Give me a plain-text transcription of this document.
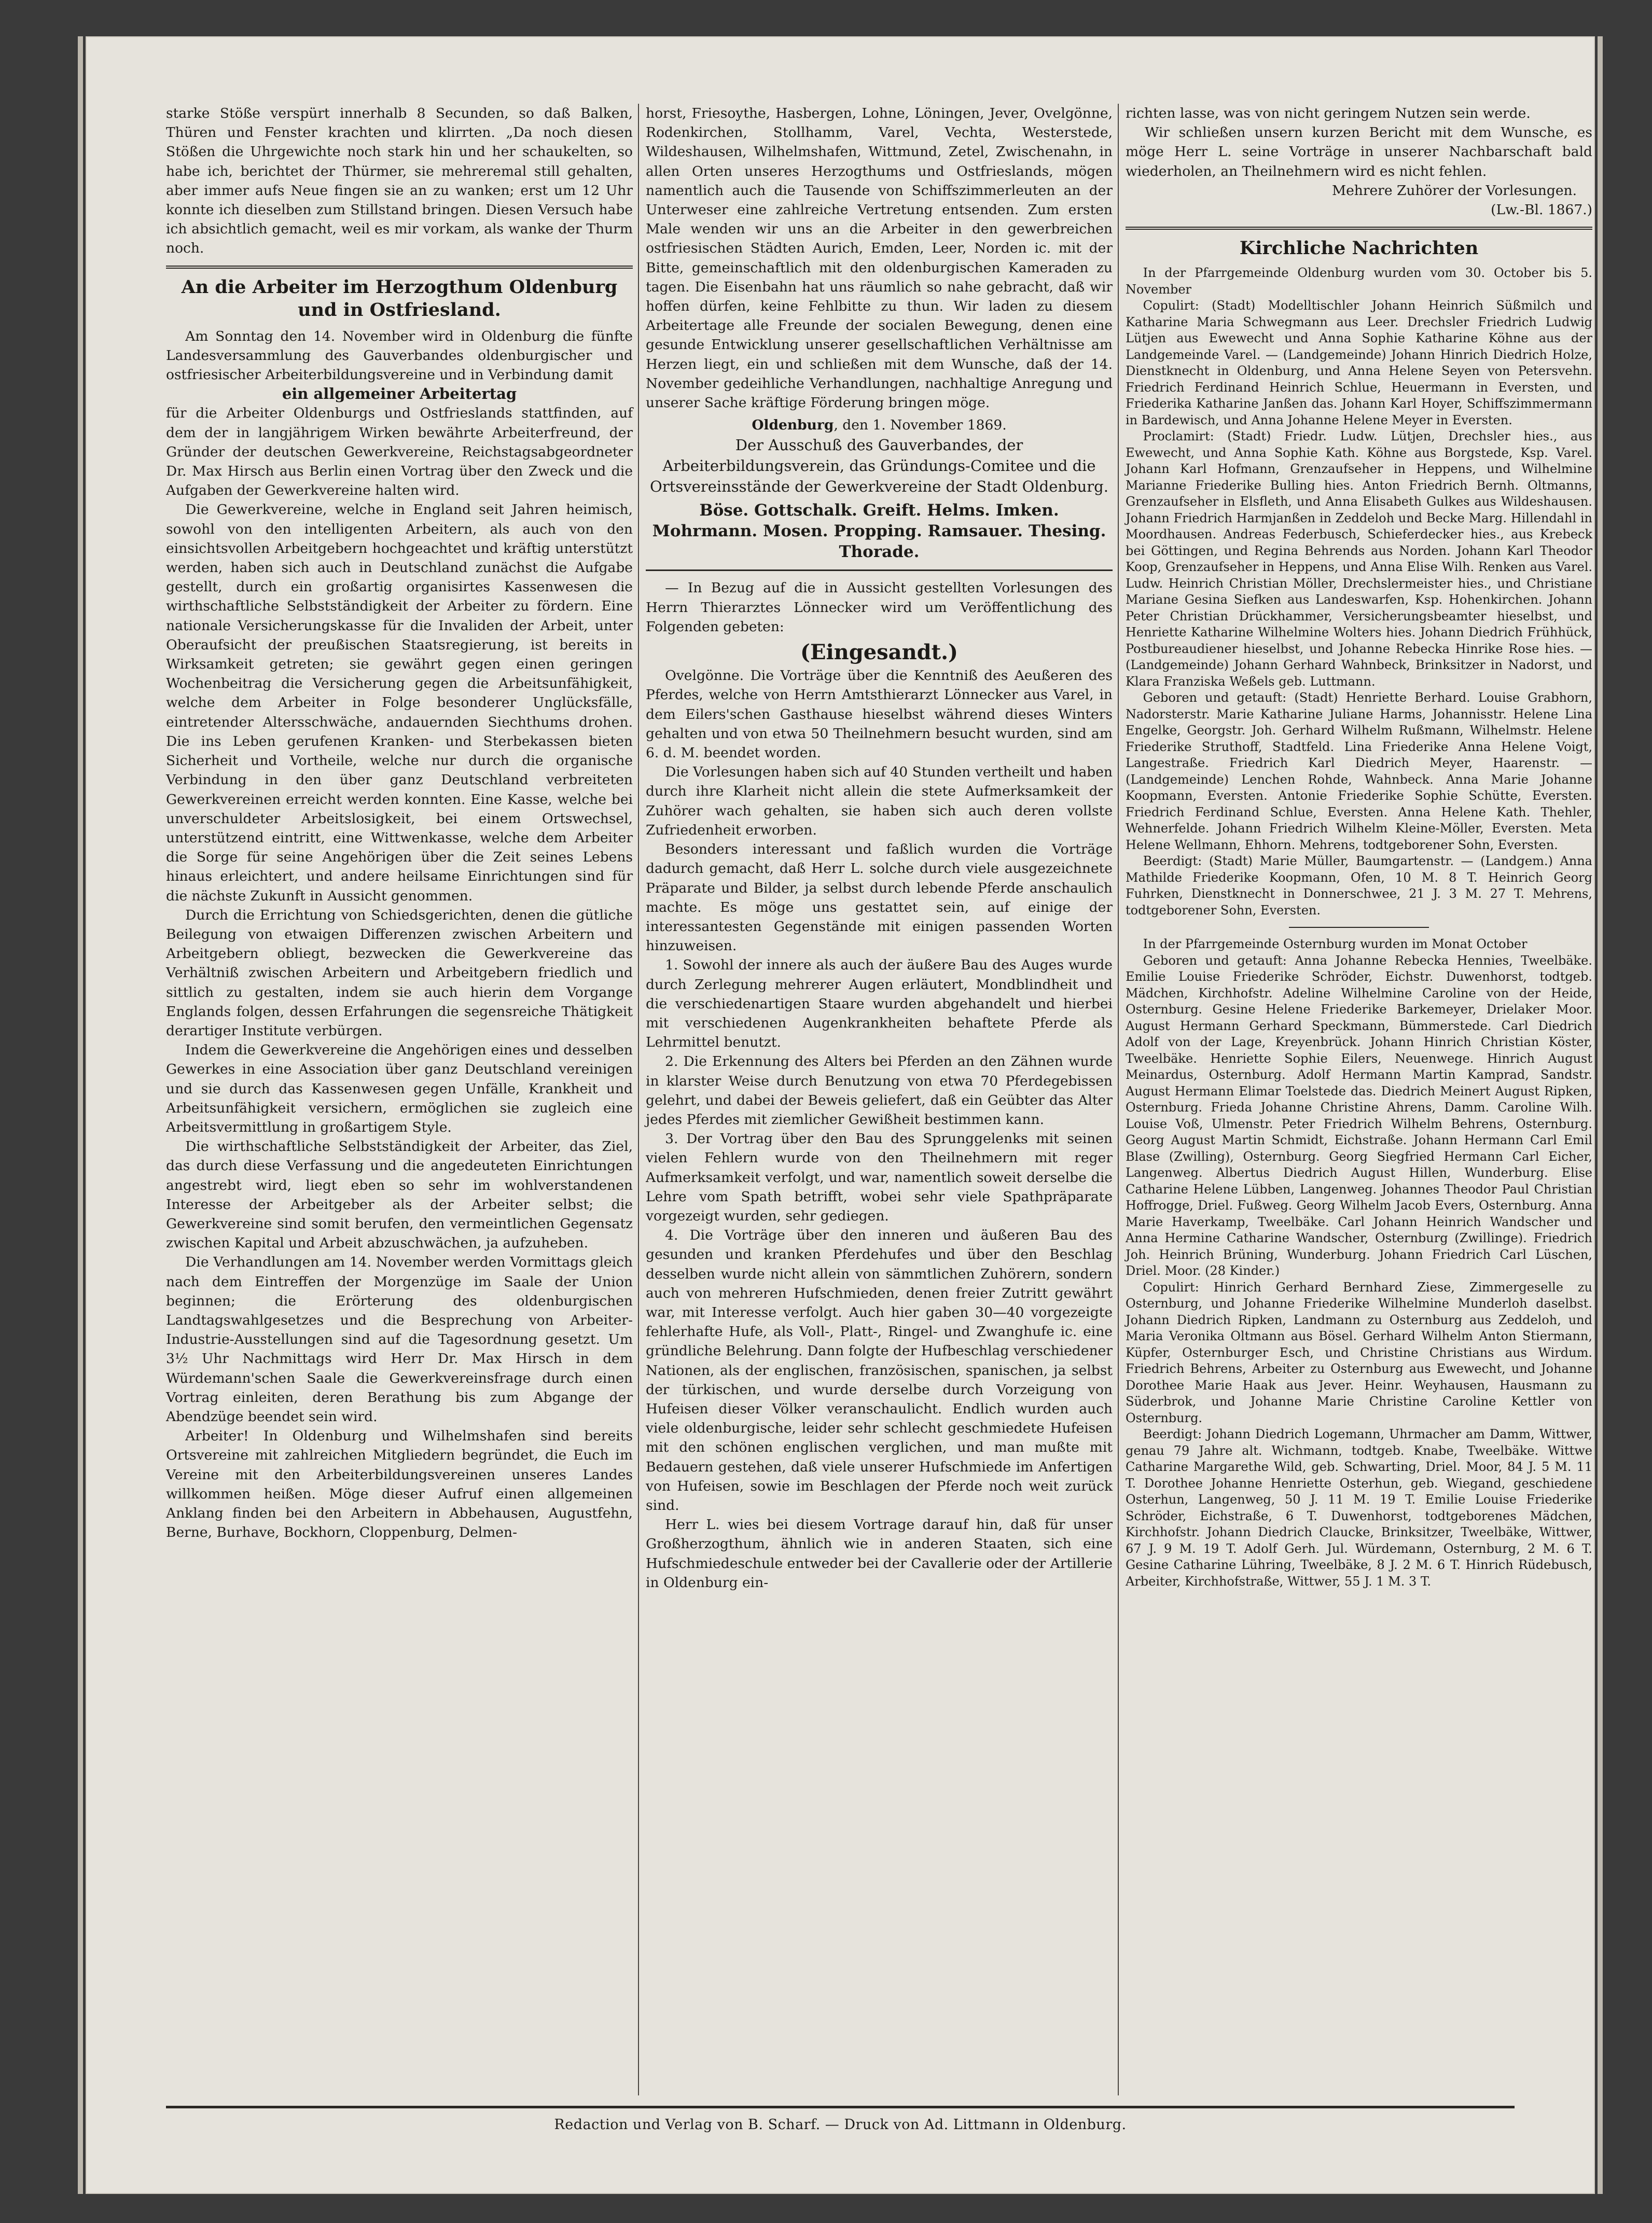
starke Stöße verspürt innerhalb 8 Secunden, so daß Balken, Thüren und Fenster krachten und klirrten. „Da noch diesen Stößen die Uhrgewichte noch stark hin und her schaukelten, so habe ich, berichtet der Thürmer, sie mehreremal still gehalten, aber immer aufs Neue fingen sie an zu wanken; erst um 12 Uhr konnte ich dieselben zum Stillstand bringen. Diesen Versuch habe ich absichtlich gemacht, weil es mir vorkam, als wanke der Thurm noch.

An die Arbeiter im Herzogthum Oldenburg und in Ostfriesland.

Am Sonntag den 14. November wird in Oldenburg die fünfte Landesversammlung des Gauverbandes oldenburgischer und ostfriesischer Arbeiterbildungsvereine und in Verbindung damit

ein allgemeiner Arbeitertag

für die Arbeiter Oldenburgs und Ostfrieslands stattfinden, auf dem der in langjährigem Wirken bewährte Arbeiterfreund, der Gründer der deutschen Gewerkvereine, Reichstagsabgeordneter Dr. Max Hirsch aus Berlin einen Vortrag über den Zweck und die Aufgaben der Gewerkvereine halten wird.

Die Gewerkvereine, welche in England seit Jahren heimisch, sowohl von den intelligenten Arbeitern, als auch von den einsichtsvollen Arbeitgebern hochgeachtet und kräftig unterstützt werden, haben sich auch in Deutschland zunächst die Aufgabe gestellt, durch ein großartig organisirtes Kassenwesen die wirthschaftliche Selbstständigkeit der Arbeiter zu fördern. Eine nationale Versicherungskasse für die Invaliden der Arbeit, unter Oberaufsicht der preußischen Staatsregierung, ist bereits in Wirksamkeit getreten; sie gewährt gegen einen geringen Wochenbeitrag die Versicherung gegen die Arbeitsunfähigkeit, welche dem Arbeiter in Folge besonderer Unglücksfälle, eintretender Altersschwäche, andauernden Siechthums drohen. Die ins Leben gerufenen Kranken- und Sterbekassen bieten Sicherheit und Vortheile, welche nur durch die organische Verbindung in den über ganz Deutschland verbreiteten Gewerkvereinen erreicht werden konnten. Eine Kasse, welche bei unverschuldeter Arbeitslosigkeit, bei einem Ortswechsel, unterstützend eintritt, eine Wittwenkasse, welche dem Arbeiter die Sorge für seine Angehörigen über die Zeit seines Lebens hinaus erleichtert, und andere heilsame Einrichtungen sind für die nächste Zukunft in Aussicht genommen.

Durch die Errichtung von Schiedsgerichten, denen die gütliche Beilegung von etwaigen Differenzen zwischen Arbeitern und Arbeitgebern obliegt, bezwecken die Gewerkvereine das Verhältniß zwischen Arbeitern und Arbeitgebern friedlich und sittlich zu gestalten, indem sie auch hierin dem Vorgange Englands folgen, dessen Erfahrungen die segensreiche Thätigkeit derartiger Institute verbürgen.

Indem die Gewerkvereine die Angehörigen eines und desselben Gewerkes in eine Association über ganz Deutschland vereinigen und sie durch das Kassenwesen gegen Unfälle, Krankheit und Arbeitsunfähigkeit versichern, ermöglichen sie zugleich eine Arbeitsvermittlung in großartigem Style.

Die wirthschaftliche Selbstständigkeit der Arbeiter, das Ziel, das durch diese Verfassung und die angedeuteten Einrichtungen angestrebt wird, liegt eben so sehr im wohlverstandenen Interesse der Arbeitgeber als der Arbeiter selbst; die Gewerkvereine sind somit berufen, den vermeintlichen Gegensatz zwischen Kapital und Arbeit abzuschwächen, ja aufzuheben.

Die Verhandlungen am 14. November werden Vormittags gleich nach dem Eintreffen der Morgenzüge im Saale der Union beginnen; die Erörterung des oldenburgischen Landtagswahlgesetzes und die Besprechung von Arbeiter-Industrie-Ausstellungen sind auf die Tagesordnung gesetzt. Um 3½ Uhr Nachmittags wird Herr Dr. Max Hirsch in dem Würdemann'schen Saale die Gewerkvereinsfrage durch einen Vortrag einleiten, deren Berathung bis zum Abgange der Abendzüge beendet sein wird.

Arbeiter! In Oldenburg und Wilhelmshafen sind bereits Ortsvereine mit zahlreichen Mitgliedern begründet, die Euch im Vereine mit den Arbeiterbildungsvereinen unseres Landes willkommen heißen. Möge dieser Aufruf einen allgemeinen Anklang finden bei den Arbeitern in Abbehausen, Augustfehn, Berne, Burhave, Bockhorn, Cloppenburg, Delmen-

horst, Friesoythe, Hasbergen, Lohne, Löningen, Jever, Ovelgönne, Rodenkirchen, Stollhamm, Varel, Vechta, Westerstede, Wildeshausen, Wilhelmshafen, Wittmund, Zetel, Zwischenahn, in allen Orten unseres Herzogthums und Ostfrieslands, mögen namentlich auch die Tausende von Schiffszimmerleuten an der Unterweser eine zahlreiche Vertretung entsenden. Zum ersten Male wenden wir uns an die Arbeiter in den gewerbreichen ostfriesischen Städten Aurich, Emden, Leer, Norden ic. mit der Bitte, gemeinschaftlich mit den oldenburgischen Kameraden zu tagen. Die Eisenbahn hat uns räumlich so nahe gebracht, daß wir hoffen dürfen, keine Fehlbitte zu thun. Wir laden zu diesem Arbeitertage alle Freunde der socialen Bewegung, denen eine gesunde Entwicklung unserer gesellschaftlichen Verhältnisse am Herzen liegt, ein und schließen mit dem Wunsche, daß der 14. November gedeihliche Verhandlungen, nachhaltige Anregung und unserer Sache kräftige Förderung bringen möge.

Oldenburg, den 1. November 1869.

Der Ausschuß des Gauverbandes, der Arbeiterbildungsverein, das Gründungs-Comitee und die Ortsvereinsstände der Gewerkvereine der Stadt Oldenburg.

Böse. Gottschalk. Greift. Helms. Imken. Mohrmann. Mosen. Propping. Ramsauer. Thesing. Thorade.

— In Bezug auf die in Aussicht gestellten Vorlesungen des Herrn Thierarztes Lönnecker wird um Veröffentlichung des Folgenden gebeten:

(Eingesandt.)

Ovelgönne. Die Vorträge über die Kenntniß des Aeußeren des Pferdes, welche von Herrn Amtsthierarzt Lönnecker aus Varel, in dem Eilers'schen Gasthause hieselbst während dieses Winters gehalten und von etwa 50 Theilnehmern besucht wurden, sind am 6. d. M. beendet worden.

Die Vorlesungen haben sich auf 40 Stunden vertheilt und haben durch ihre Klarheit nicht allein die stete Aufmerksamkeit der Zuhörer wach gehalten, sie haben sich auch deren vollste Zufriedenheit erworben.

Besonders interessant und faßlich wurden die Vorträge dadurch gemacht, daß Herr L. solche durch viele ausgezeichnete Präparate und Bilder, ja selbst durch lebende Pferde anschaulich machte. Es möge uns gestattet sein, auf einige der interessantesten Gegenstände mit einigen passenden Worten hinzuweisen.

1. Sowohl der innere als auch der äußere Bau des Auges wurde durch Zerlegung mehrerer Augen erläutert, Mondblindheit und die verschiedenartigen Staare wurden abgehandelt und hierbei mit verschiedenen Augenkrankheiten behaftete Pferde als Lehrmittel benutzt.

2. Die Erkennung des Alters bei Pferden an den Zähnen wurde in klarster Weise durch Benutzung von etwa 70 Pferdegebissen gelehrt, und dabei der Beweis geliefert, daß ein Geübter das Alter jedes Pferdes mit ziemlicher Gewißheit bestimmen kann.

3. Der Vortrag über den Bau des Sprunggelenks mit seinen vielen Fehlern wurde von den Theilnehmern mit reger Aufmerksamkeit verfolgt, und war, namentlich soweit derselbe die Lehre vom Spath betrifft, wobei sehr viele Spathpräparate vorgezeigt wurden, sehr gediegen.

4. Die Vorträge über den inneren und äußeren Bau des gesunden und kranken Pferdehufes und über den Beschlag desselben wurde nicht allein von sämmtlichen Zuhörern, sondern auch von mehreren Hufschmieden, denen freier Zutritt gewährt war, mit Interesse verfolgt. Auch hier gaben 30—40 vorgezeigte fehlerhafte Hufe, als Voll-, Platt-, Ringel- und Zwanghufe ic. eine gründliche Belehrung. Dann folgte der Hufbeschlag verschiedener Nationen, als der englischen, französischen, spanischen, ja selbst der türkischen, und wurde derselbe durch Vorzeigung von Hufeisen dieser Völker veranschaulicht. Endlich wurden auch viele oldenburgische, leider sehr schlecht geschmiedete Hufeisen mit den schönen englischen verglichen, und man mußte mit Bedauern gestehen, daß viele unserer Hufschmiede im Anfertigen von Hufeisen, sowie im Beschlagen der Pferde noch weit zurück sind.

Herr L. wies bei diesem Vortrage darauf hin, daß für unser Großherzogthum, ähnlich wie in anderen Staaten, sich eine Hufschmiedeschule entweder bei der Cavallerie oder der Artillerie in Oldenburg ein-

richten lasse, was von nicht geringem Nutzen sein werde.

Wir schließen unsern kurzen Bericht mit dem Wunsche, es möge Herr L. seine Vorträge in unserer Nachbarschaft bald wiederholen, an Theilnehmern wird es nicht fehlen.

Mehrere Zuhörer der Vorlesungen.

(Lw.-Bl. 1867.)

Kirchliche Nachrichten

In der Pfarrgemeinde Oldenburg wurden vom 30. October bis 5. November

Copulirt: (Stadt) Modelltischler Johann Heinrich Süßmilch und Katharine Maria Schwegmann aus Leer. Drechsler Friedrich Ludwig Lütjen aus Ewewecht und Anna Sophie Katharine Köhne aus der Landgemeinde Varel. — (Landgemeinde) Johann Hinrich Diedrich Holze, Dienstknecht in Oldenburg, und Anna Helene Seyen von Petersvehn. Friedrich Ferdinand Heinrich Schlue, Heuermann in Eversten, und Friederika Katharine Janßen das. Johann Karl Hoyer, Schiffszimmermann in Bardewisch, und Anna Johanne Helene Meyer in Eversten.

Proclamirt: (Stadt) Friedr. Ludw. Lütjen, Drechsler hies., aus Ewewecht, und Anna Sophie Kath. Köhne aus Borgstede, Ksp. Varel. Johann Karl Hofmann, Grenzaufseher in Heppens, und Wilhelmine Marianne Friederike Bulling hies. Anton Friedrich Bernh. Oltmanns, Grenzaufseher in Elsfleth, und Anna Elisabeth Gulkes aus Wildeshausen. Johann Friedrich Harmjanßen in Zeddeloh und Becke Marg. Hillendahl in Moordhausen. Andreas Federbusch, Schieferdecker hies., aus Krebeck bei Göttingen, und Regina Behrends aus Norden. Johann Karl Theodor Koop, Grenzaufseher in Heppens, und Anna Elise Wilh. Renken aus Varel. Ludw. Heinrich Christian Möller, Drechslermeister hies., und Christiane Mariane Gesina Siefken aus Landeswarfen, Ksp. Hohenkirchen. Johann Peter Christian Drückhammer, Versicherungsbeamter hieselbst, und Henriette Katharine Wilhelmine Wolters hies. Johann Diedrich Frühhück, Postbureaudiener hieselbst, und Johanne Rebecka Hinrike Rose hies. — (Landgemeinde) Johann Gerhard Wahnbeck, Brinksitzer in Nadorst, und Klara Franziska Weßels geb. Luttmann.

Geboren und getauft: (Stadt) Henriette Berhard. Louise Grabhorn, Nadorsterstr. Marie Katharine Juliane Harms, Johannisstr. Helene Lina Engelke, Georgstr. Joh. Gerhard Wilhelm Rußmann, Wilhelmstr. Helene Friederike Struthoff, Stadtfeld. Lina Friederike Anna Helene Voigt, Langestraße. Friedrich Karl Diedrich Meyer, Haarenstr. — (Landgemeinde) Lenchen Rohde, Wahnbeck. Anna Marie Johanne Koopmann, Eversten. Antonie Friederike Sophie Schütte, Eversten. Friedrich Ferdinand Schlue, Eversten. Anna Helene Kath. Thehler, Wehnerfelde. Johann Friedrich Wilhelm Kleine-Möller, Eversten. Meta Helene Wellmann, Ehhorn. Mehrens, todtgeborener Sohn, Eversten.

Beerdigt: (Stadt) Marie Müller, Baumgartenstr. — (Landgem.) Anna Mathilde Friederike Koopmann, Ofen, 10 M. 8 T. Heinrich Georg Fuhrken, Dienstknecht in Donnerschwee, 21 J. 3 M. 27 T. Mehrens, todtgeborener Sohn, Eversten.

In der Pfarrgemeinde Osternburg wurden im Monat October

Geboren und getauft: Anna Johanne Rebecka Hennies, Tweelbäke. Emilie Louise Friederike Schröder, Eichstr. Duwenhorst, todtgeb. Mädchen, Kirchhofstr. Adeline Wilhelmine Caroline von der Heide, Osternburg. Gesine Helene Friederike Barkemeyer, Drielaker Moor. August Hermann Gerhard Speckmann, Bümmerstede. Carl Diedrich Adolf von der Lage, Kreyenbrück. Johann Hinrich Christian Köster, Tweelbäke. Henriette Sophie Eilers, Neuenwege. Hinrich August Meinardus, Osternburg. Adolf Hermann Martin Kamprad, Sandstr. August Hermann Elimar Toelstede das. Diedrich Meinert August Ripken, Osternburg. Frieda Johanne Christine Ahrens, Damm. Caroline Wilh. Louise Voß, Ulmenstr. Peter Friedrich Wilhelm Behrens, Osternburg. Georg August Martin Schmidt, Eichstraße. Johann Hermann Carl Emil Blase (Zwilling), Osternburg. Georg Siegfried Hermann Carl Eicher, Langenweg. Albertus Diedrich August Hillen, Wunderburg. Elise Catharine Helene Lübben, Langenweg. Johannes Theodor Paul Christian Hoffrogge, Driel. Fußweg. Georg Wilhelm Jacob Evers, Osternburg. Anna Marie Haverkamp, Tweelbäke. Carl Johann Heinrich Wandscher und Anna Hermine Catharine Wandscher, Osternburg (Zwillinge). Friedrich Joh. Heinrich Brüning, Wunderburg. Johann Friedrich Carl Lüschen, Driel. Moor. (28 Kinder.)

Copulirt: Hinrich Gerhard Bernhard Ziese, Zimmergeselle zu Osternburg, und Johanne Friederike Wilhelmine Munderloh daselbst. Johann Diedrich Ripken, Landmann zu Osternburg aus Zeddeloh, und Maria Veronika Oltmann aus Bösel. Gerhard Wilhelm Anton Stiermann, Küpfer, Osternburger Esch, und Christine Christians aus Wirdum. Friedrich Behrens, Arbeiter zu Osternburg aus Ewewecht, und Johanne Dorothee Marie Haak aus Jever. Heinr. Weyhausen, Hausmann zu Süderbrok, und Johanne Marie Christine Caroline Kettler von Osternburg.

Beerdigt: Johann Diedrich Logemann, Uhrmacher am Damm, Wittwer, genau 79 Jahre alt. Wichmann, todtgeb. Knabe, Tweelbäke. Wittwe Catharine Margarethe Wild, geb. Schwarting, Driel. Moor, 84 J. 5 M. 11 T. Dorothee Johanne Henriette Osterhun, geb. Wiegand, geschiedene Osterhun, Langenweg, 50 J. 11 M. 19 T. Emilie Louise Friederike Schröder, Eichstraße, 6 T. Duwenhorst, todtgeborenes Mädchen, Kirchhofstr. Johann Diedrich Claucke, Brinksitzer, Tweelbäke, Wittwer, 67 J. 9 M. 19 T. Adolf Gerh. Jul. Würdemann, Osternburg, 2 M. 6 T. Gesine Catharine Lühring, Tweelbäke, 8 J. 2 M. 6 T. Hinrich Rüdebusch, Arbeiter, Kirchhofstraße, Wittwer, 55 J. 1 M. 3 T.

Redaction und Verlag von B. Scharf. — Druck von Ad. Littmann in Oldenburg.
